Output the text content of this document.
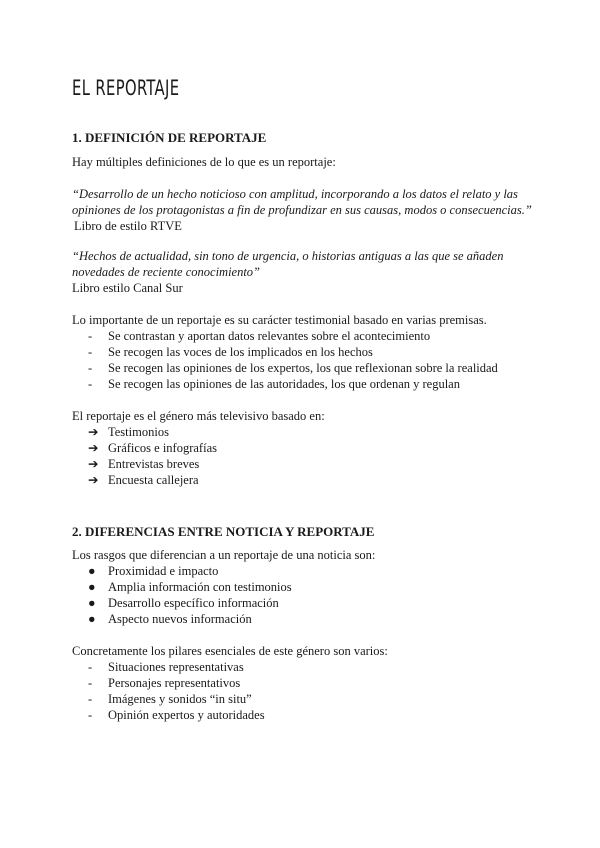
EL REPORTAJE
1. DEFINICIÓN DE REPORTAJE
Hay múltiples definiciones de lo que es un reportaje:
“Desarrollo de un hecho noticioso con amplitud, incorporando a los datos el relato y las
opiniones de los protagonistas a fin de profundizar en sus causas, modos o consecuencias.”
Libro de estilo RTVE
“Hechos de actualidad, sin tono de urgencia, o historias antiguas a las que se añaden
novedades de reciente conocimiento”
Libro estilo Canal Sur
Lo importante de un reportaje es su carácter testimonial basado en varias premisas.
-	Se contrastan y aportan datos relevantes sobre el acontecimiento
-	Se recogen las voces de los implicados en los hechos
-	Se recogen las opiniones de los expertos, los que reflexionan sobre la realidad
-	Se recogen las opiniones de las autoridades, los que ordenan y regulan
El reportaje es el género más televisivo basado en:
➔ Testimonios
➔ Gráficos e infografías
➔ Entrevistas breves
➔ Encuesta callejera
2. DIFERENCIAS ENTRE NOTICIA Y REPORTAJE
Los rasgos que diferencian a un reportaje de una noticia son:
● Proximidad e impacto
● Amplia información con testimonios
● Desarrollo específico información
● Aspecto nuevos información
Concretamente los pilares esenciales de este género son varios:
-	Situaciones representativas
-	Personajes representativos
-	Imágenes y sonidos “in situ”
-	Opinión expertos y autoridades
